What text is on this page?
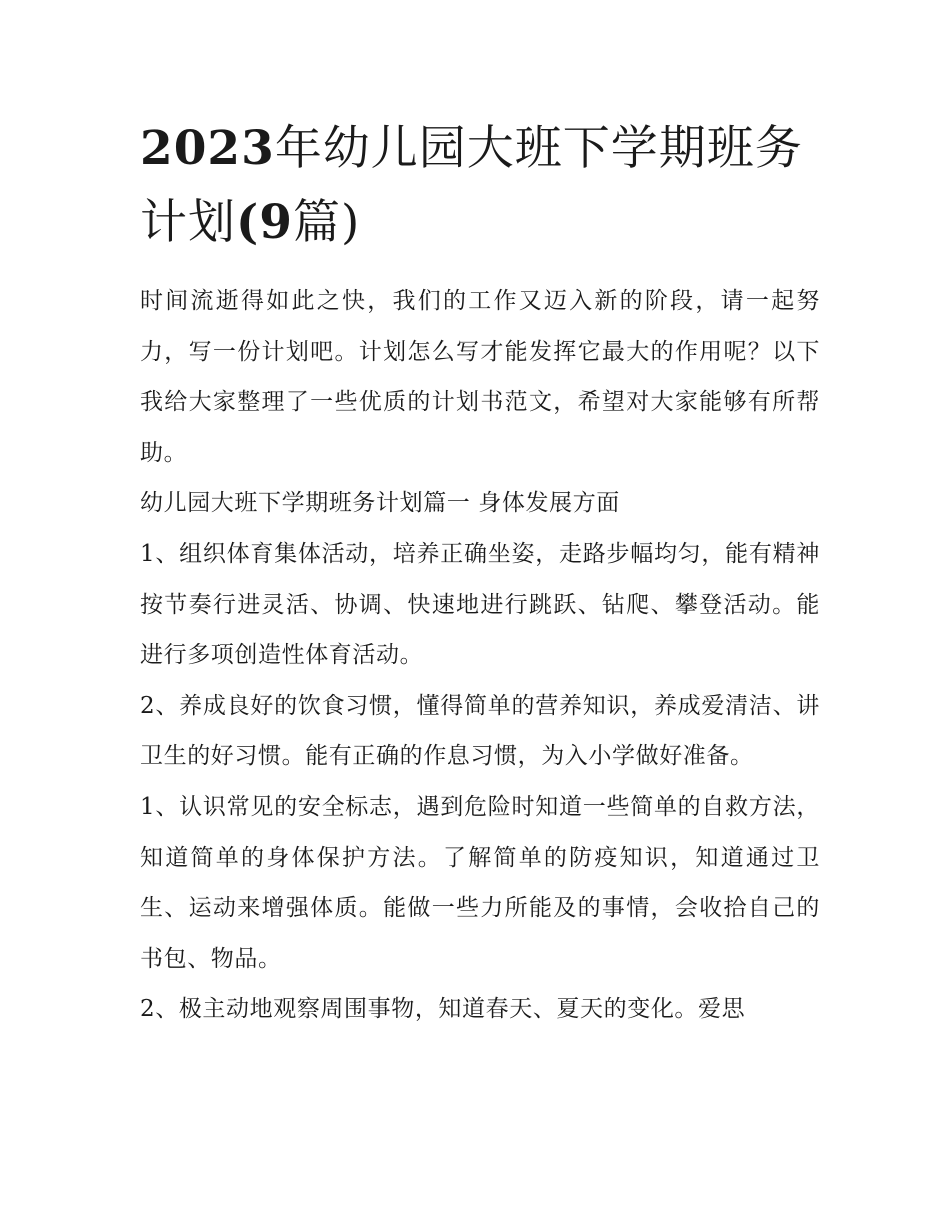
2023年幼儿园大班下学期班务计划(9篇)

时间流逝得如此之快，我们的工作又迈入新的阶段，请一起努力，写一份计划吧。计划怎么写才能发挥它最大的作用呢？以下我给大家整理了一些优质的计划书范文，希望对大家能够有所帮助。

幼儿园大班下学期班务计划篇一 身体发展方面

1、组织体育集体活动，培养正确坐姿，走路步幅均匀，能有精神按节奏行进灵活、协调、快速地进行跳跃、钻爬、攀登活动。能进行多项创造性体育活动。

2、养成良好的饮食习惯，懂得简单的营养知识，养成爱清洁、讲卫生的好习惯。能有正确的作息习惯，为入小学做好准备。

1、认识常见的安全标志，遇到危险时知道一些简单的自救方法，知道简单的身体保护方法。了解简单的防疫知识，知道通过卫生、运动来增强体质。能做一些力所能及的事情，会收拾自己的书包、物品。

2、极主动地观察周围事物，知道春天、夏天的变化。爱思
